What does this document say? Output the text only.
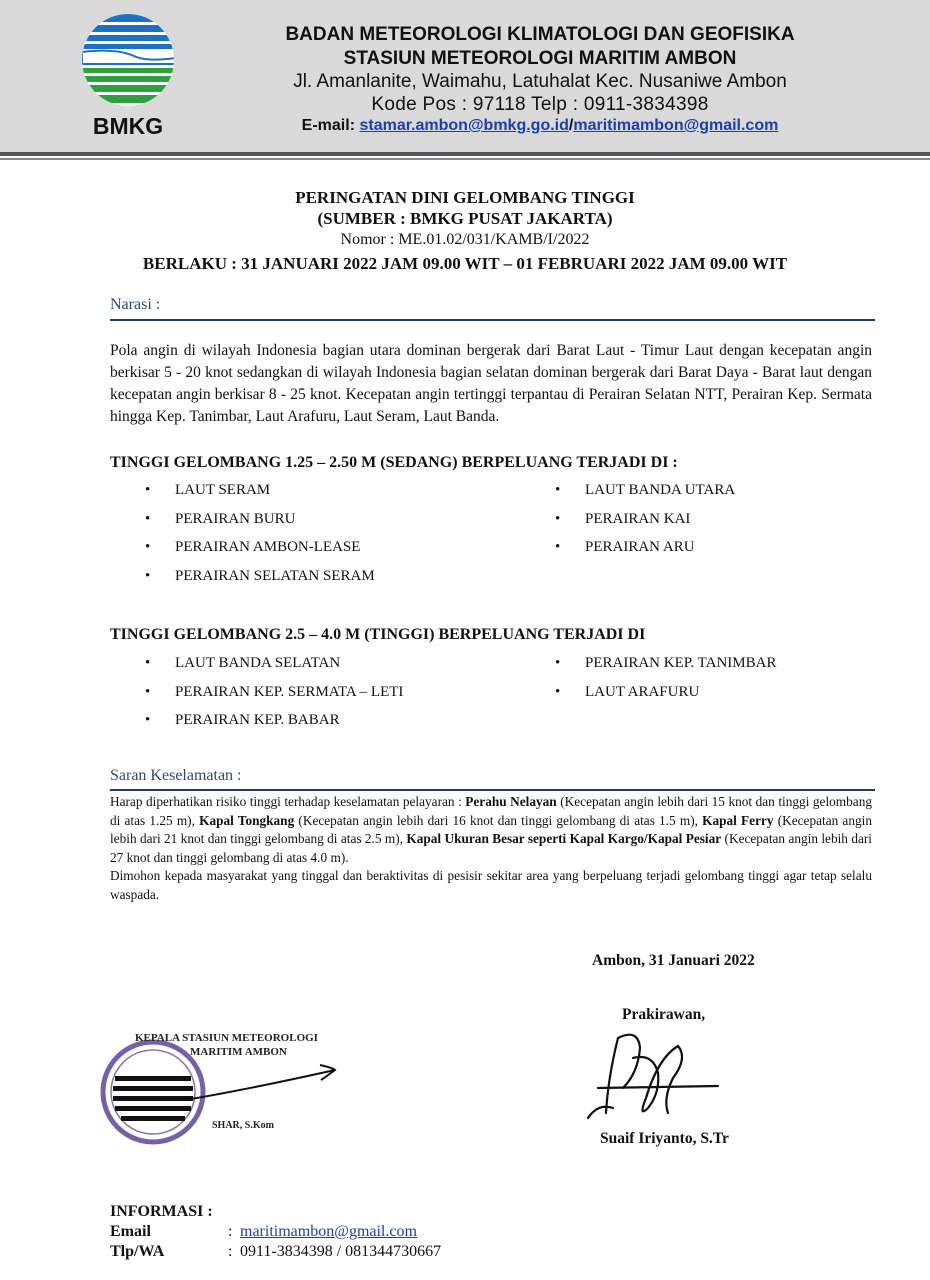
BMKG
BADAN METEOROLOGI KLIMATOLOGI DAN GEOFISIKA
STASIUN METEOROLOGI MARITIM AMBON
Jl. Amanlanite, Waimahu, Latuhalat Kec. Nusaniwe Ambon
Kode Pos : 97118 Telp : 0911-3834398
E-mail: stamar.ambon@bmkg.go.id/maritimambon@gmail.com
PERINGATAN DINI GELOMBANG TINGGI
(SUMBER : BMKG PUSAT JAKARTA)
Nomor : ME.01.02/031/KAMB/I/2022
BERLAKU : 31 JANUARI 2022 JAM 09.00 WIT – 01 FEBRUARI 2022 JAM 09.00 WIT
Narasi :
Pola angin di wilayah Indonesia bagian utara dominan bergerak dari Barat Laut - Timur Laut dengan kecepatan angin berkisar 5 - 20 knot sedangkan di wilayah Indonesia bagian selatan dominan bergerak dari Barat Daya - Barat laut dengan kecepatan angin berkisar 8 - 25 knot. Kecepatan angin tertinggi terpantau di Perairan Selatan NTT, Perairan Kep. Sermata hingga Kep. Tanimbar, Laut Arafuru, Laut Seram, Laut Banda.
TINGGI GELOMBANG 1.25 – 2.50 M (SEDANG) BERPELUANG TERJADI DI :
• LAUT SERAM
• PERAIRAN BURU
• PERAIRAN AMBON-LEASE
• PERAIRAN SELATAN SERAM
• LAUT BANDA UTARA
• PERAIRAN KAI
• PERAIRAN ARU
TINGGI GELOMBANG 2.5 – 4.0 M (TINGGI) BERPELUANG TERJADI DI
• LAUT BANDA SELATAN
• PERAIRAN KEP. SERMATA – LETI
• PERAIRAN KEP. BABAR
• PERAIRAN KEP. TANIMBAR
• LAUT ARAFURU
Saran Keselamatan :
Harap diperhatikan risiko tinggi terhadap keselamatan pelayaran : Perahu Nelayan (Kecepatan angin lebih dari 15 knot dan tinggi gelombang di atas 1.25 m), Kapal Tongkang (Kecepatan angin lebih dari 16 knot dan tinggi gelombang di atas 1.5 m), Kapal Ferry (Kecepatan angin lebih dari 21 knot dan tinggi gelombang di atas 2.5 m), Kapal Ukuran Besar seperti Kapal Kargo/Kapal Pesiar (Kecepatan angin lebih dari 27 knot dan tinggi gelombang di atas 4.0 m).
Dimohon kepada masyarakat yang tinggal dan beraktivitas di pesisir sekitar area yang berpeluang terjadi gelombang tinggi agar tetap selalu waspada.
Ambon, 31 Januari 2022
Prakirawan,
Suaif Iriyanto, S.Tr
KEPALA STASIUN METEOROLOGI
MARITIM AMBON
SHAR, S.Kom
INFORMASI :
Email	: maritimambon@gmail.com
Tlp/WA	: 0911-3834398 / 081344730667
